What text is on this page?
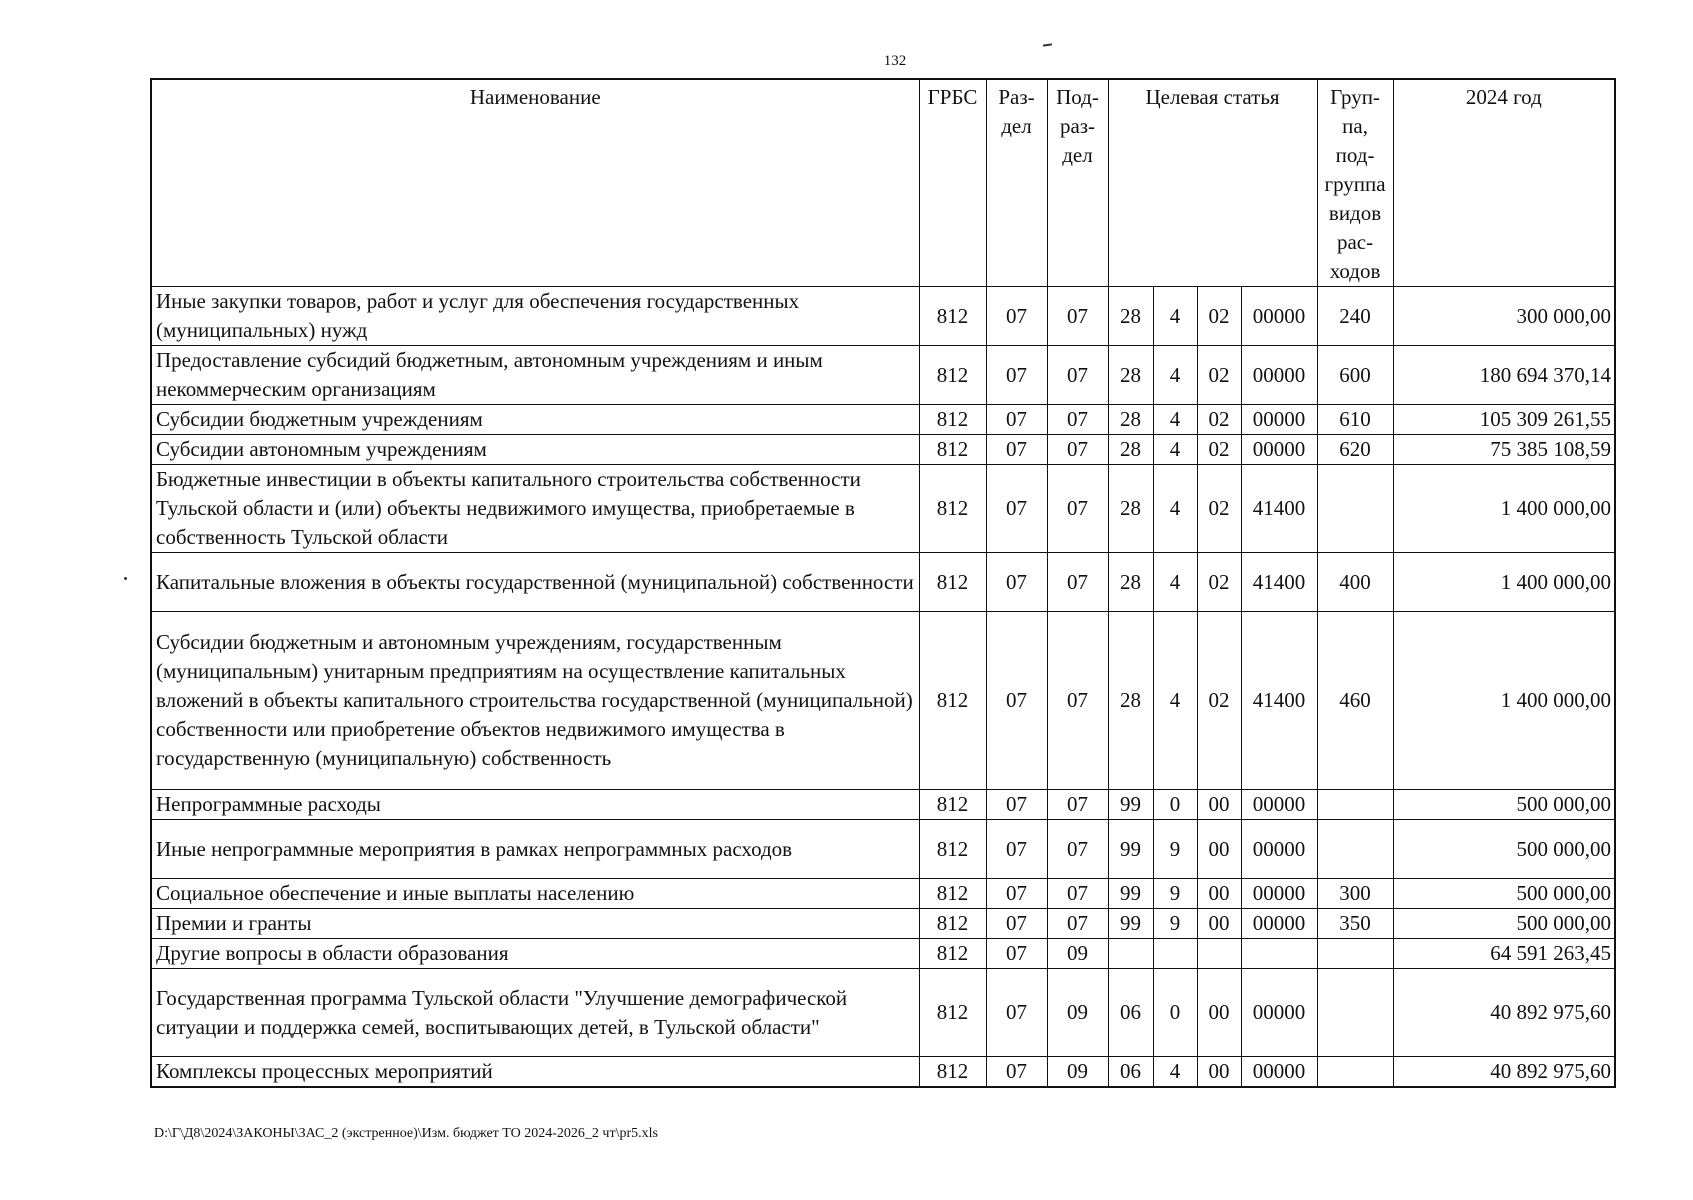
132
Наименование	ГРБС	Раз-дел	Под-раз-дел	Целевая статья				Груп-па, под-группа видов рас-ходов	2024 год
Иные закупки товаров, работ и услуг для обеспечения государственных (муниципальных) нужд	812	07	07	28	4	02	00000	240	300 000,00
Предоставление субсидий бюджетным, автономным учреждениям и иным некоммерческим организациям	812	07	07	28	4	02	00000	600	180 694 370,14
Субсидии бюджетным учреждениям	812	07	07	28	4	02	00000	610	105 309 261,55
Субсидии автономным учреждениям	812	07	07	28	4	02	00000	620	75 385 108,59
Бюджетные инвестиции в объекты капитального строительства собственности Тульской области и (или) объекты недвижимого имущества, приобретаемые в собственность Тульской области	812	07	07	28	4	02	41400		1 400 000,00
Капитальные вложения в объекты государственной (муниципальной) собственности	812	07	07	28	4	02	41400	400	1 400 000,00
Субсидии бюджетным и автономным учреждениям, государственным (муниципальным) унитарным предприятиям на осуществление капитальных вложений в объекты капитального строительства государственной (муниципальной) собственности или приобретение объектов недвижимого имущества в государственную (муниципальную) собственность	812	07	07	28	4	02	41400	460	1 400 000,00
Непрограммные расходы	812	07	07	99	0	00	00000		500 000,00
Иные непрограммные мероприятия в рамках непрограммных расходов	812	07	07	99	9	00	00000		500 000,00
Социальное обеспечение и иные выплаты населению	812	07	07	99	9	00	00000	300	500 000,00
Премии и гранты	812	07	07	99	9	00	00000	350	500 000,00
Другие вопросы в области образования	812	07	09						64 591 263,45
Государственная программа Тульской области "Улучшение демографической ситуации и поддержка семей, воспитывающих детей, в Тульской области"	812	07	09	06	0	00	00000		40 892 975,60
Комплексы процессных мероприятий	812	07	09	06	4	00	00000		40 892 975,60
D:\Г\Д8\2024\ЗАКОНЫ\ЗАС_2 (экстренное)\Изм. бюджет ТО 2024-2026_2 чт\pr5.xls
